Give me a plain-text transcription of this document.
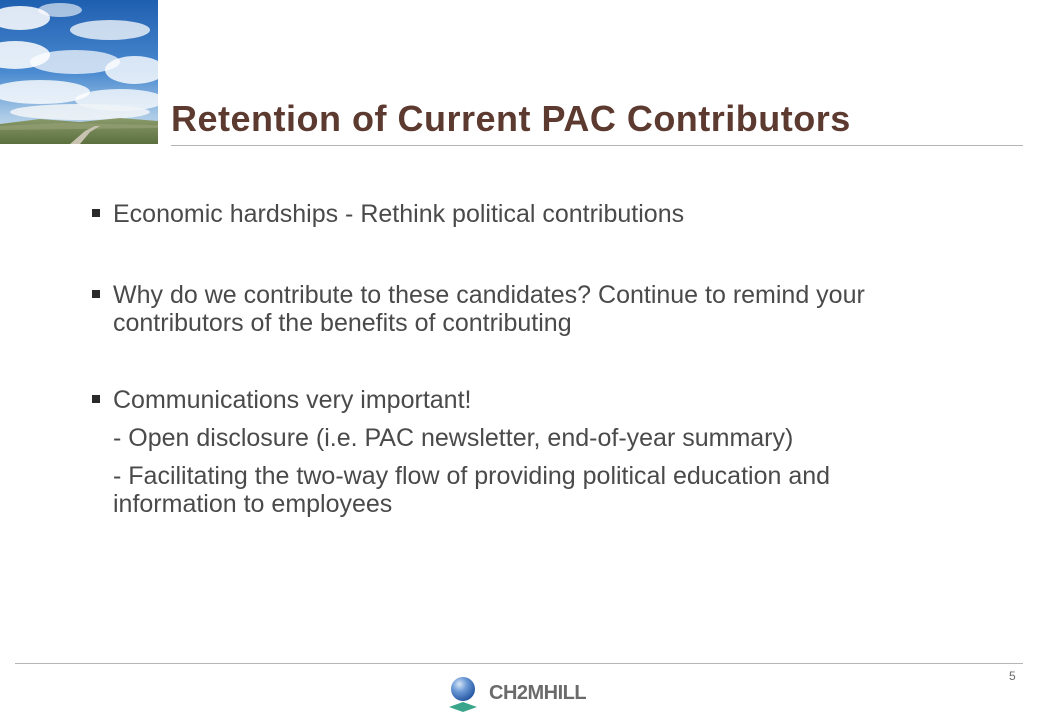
Retention of Current PAC Contributors
Economic hardships - Rethink political contributions
Why do we contribute to these candidates? Continue to remind your contributors of the benefits of contributing
Communications very important!
- Open disclosure (i.e. PAC newsletter, end-of-year summary)
- Facilitating the two-way flow of providing political education and information to employees
5
CH2MHILL
